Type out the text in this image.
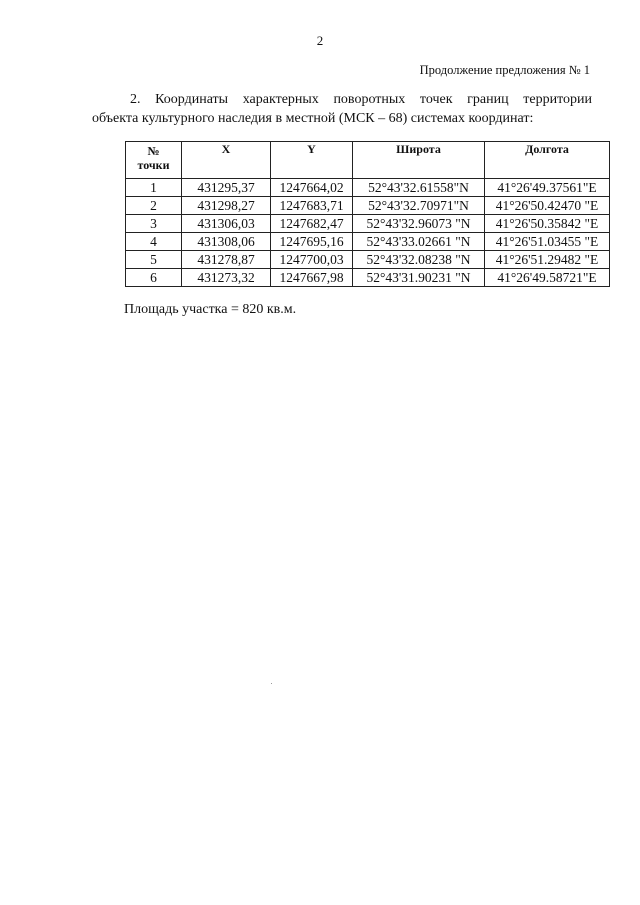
2
Продолжение предложения № 1
2. Координаты характерных поворотных точек границ территории
объекта культурного наследия в местной (МСК – 68) системах координат:
№
точки	X	Y	Широта	Долгота
1	431295,37	1247664,02	52°43'32.61558"N	41°26'49.37561"E
2	431298,27	1247683,71	52°43'32.70971"N	41°26'50.42470 "E
3	431306,03	1247682,47	52°43'32.96073 "N	41°26'50.35842 "E
4	431308,06	1247695,16	52°43'33.02661 "N	41°26'51.03455 "E
5	431278,87	1247700,03	52°43'32.08238 "N	41°26'51.29482 "E
6	431273,32	1247667,98	52°43'31.90231 "N	41°26'49.58721"E
Площадь участка = 820 кв.м.
